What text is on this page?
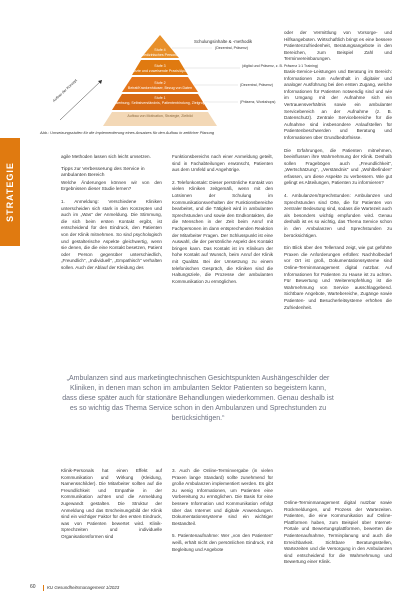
STRATEGIE
Stufe 4
Medizinisches Personal
Stufe 3
Fachärzte und zuweisende Praxis/Apotheke
Stufe 2
Beirat/Krankenhäuser, Bezug von Daten
Stufe 1
Bewerbung, Selbstverständnis, Patientenbindung, Zielgruppe
Aufbau von Motivation, Strategie, Zielbild
Schulungsinhalte & -methodik
(Dezentral, Präsenz)
(digital und Präsenz, z. B. Präsenz 1:1 Training)
(Dezentral, Präsenz)
(Präsenz, Workshops)
Aufbau der Konzept
Abb.: Umsetzungsstufen für die Implementierung eines Ansatzes für den Aufbau in zeitlicher Planung

agile Methoden lassen sich leicht umsetzen.

Tipps zur Verbesserung des Service in ambulanten Bereich

Welche Änderungen können wir von den Ergebnissen dieser Studie lernen?

1. Anmeldung: Verschiedene Kliniken unterscheiden sich stark in den Konzepten und auch im „Was“ der Anmeldung. Die Stimmung, die sich beim ersten Kontakt ergibt, ist entscheidend für den Eindruck, den Patienten von der Klinik mitnehmen. So sind psychologisch und gestalterische Aspekte gleichwertig, wenn sie denen, die die eine Kontakt besetzen, Patient oder Person gegenüber unterschiedlich, „Freundlich“, „Individuell“, „Empathisch“ verhalten sollen. Auch der Ablauf der Kleidung des

Funktionsbereichs nach einer Anmeldung geteilt, sind in Fachabteilungen erwünscht, Patienten aus dem Umfeld und Angehörige.

2. Telefonkontakt: Dieser persönliche Kontakt von vielen Kliniken zeitgemäß, wenn mit den Lotsinnen der Schulung im Kommunikationsverhalten der Funktionsbereiche bearbeitet, und die Tätigkeit wird in ambulanten Sprechstunden und sowie den Endkontakten, die die Menschen in der Zeit beim Anruf mit Fachpersonen im dann entsprechenden Reaktion der Mitarbeiter Fragen. Der Schlusspunkt ist eine Auswahl, die der persönliche Aspekt des Kontakt bringen kann. Das Kontakt ist im Klinikum der hohe Kontakt auf Wunsch, beim Anruf der Klinik mit Qualität. Bei der Umsetzung zu einem telefonischen Gespräch, die Kliniken sind die Haltungsziele, die Prozesse der ambulanten Kommunikation zu ermöglichen.

oder der Vermittlung von Vorsorge- und Hilfsangeboten. Wirtschaftlich bringt es eine bessere Patientenzufriedenheit, Beratungsangebote in den Bereichen, zum Beispiel Zahl und Terminvereinbarungen.

Basis-Service-Leistungen und Beratung im Bereich: Informationen zum Aufenthalt in digitaler und analoger Ausführung bei den ersten Zugang, welche Informationen für Patienten notwendig sind und wie im Umgang mit der Aufnahme sich ein Vertrauensverhältnis sowie ein ambulanter Servicebereich an der Aufnahme (z. B. Datenschutz). Zentrale Servicebereiche für die Aufnahme sind insbesondere Anlaufstellen für Patientenbeschwerden und Beratung und Informationen über Grundbedürfnisse.

Die Erfahrungen, die Patienten mitnehmen, beeinflussen ihre Wahrnehmung der Klinik. Deshalb sollen Fragebögen auch „Freundlichkeit“, „Wertschätzung“, „Verständnis“ und „Wohlbefinden“ erfassen, um diese Aspekte zu verbessern. Wie gut gelingt es Abteilungen, Patienten zu informieren?

4. Ambulanzen/Sprechstunden: Ambulanzen und Sprechstunden sind Orte, die für Patienten von zentraler Bedeutung sind, sodass die Wartezeit auch als besonders wichtig empfunden wird. Genau deshalb ist es so wichtig, das Thema Service schon in den Ambulanzen und Sprechstunden zu berücksichtigen.

Ein Blick über den Tellerrand zeigt, wie gut geführte Praxen die Anforderungen erfüllen: Nachholbedarf vor Ort ist groß, Dokumentationssysteme sind Online-Terminmanagement digital nutzbar. Auf Informationen für Patienten zu Hause ist zu achten. Für Bewertung und Weiterempfehlung ist die Wahrnehmung von Service ausschlaggebend. Sichtbare Angebote, Wartebereiche, Zugänge sowie Patienten- und Besucherleitsysteme erhöhen die Zufriedenheit.

„Ambulanzen sind aus marketingtechnischen Gesichtspunkten Aushängeschilder der Kliniken, in denen man schon im ambulanten Sektor Patienten so begeistern kann, dass diese später auch für stationäre Behandlungen wiederkommen. Genau deshalb ist es so wichtig das Thema Service schon in den Ambulanzen und Sprechstunden zu berücksichtigen.“

Klinik-Personals hat einen Effekt auf Kommunikation und Wirkung (Kleidung, Namensschilder). Die Mitarbeiter sollten auf die Freundlichkeit und Empathie in der Kommunikation achten und die Anmeldung zugewandt gestalten. Die Struktur der Anmeldung und das Erscheinungsbild der Klinik sind ein wichtiger Faktor für den ersten Eindruck, was von Patienten bewertet wird. Klinik-Sprechzeiten und individuelle Organisationsformen sind

3. Auch die Online-Terminvergabe (in vielen Praxen lange Standard) sollte zunehmend für große Ambulanzen implementiert werden. Es gibt zu wenig Informationen, um Patienten eine Vorbereitung zu ermöglichen. Die Basis für eine bessere Information und Kommunikation erfolgt über das Internet und digitale Anwendungen. Dokumentationssysteme sind ein wichtiger Bestandteil.

5. Patientenaufnahme: Wer „von den Patienten“ weiß, erhält nicht den persönlichen Eindruck, mit Begleitung und Angebote

Online-Terminmanagement digital nutzbar sowie Rückmeldungen, und Prozess der Wartezeiten. Patienten, die eine Kommunikation auf Online-Plattformen haben, zum Beispiel über Internet-Portale und Bewertungsplattformen, bewerten die Patientenaufnahme, Terminplanung und auch die Erreichbarkeit. Sichtbare Beratungsstellen, Wartezeiten und die Versorgung in den Ambulanzen sind entscheidend für die Wahrnehmung und Bewertung einer Klinik.

60	KU Gesundheitsmanagement 1/2023
